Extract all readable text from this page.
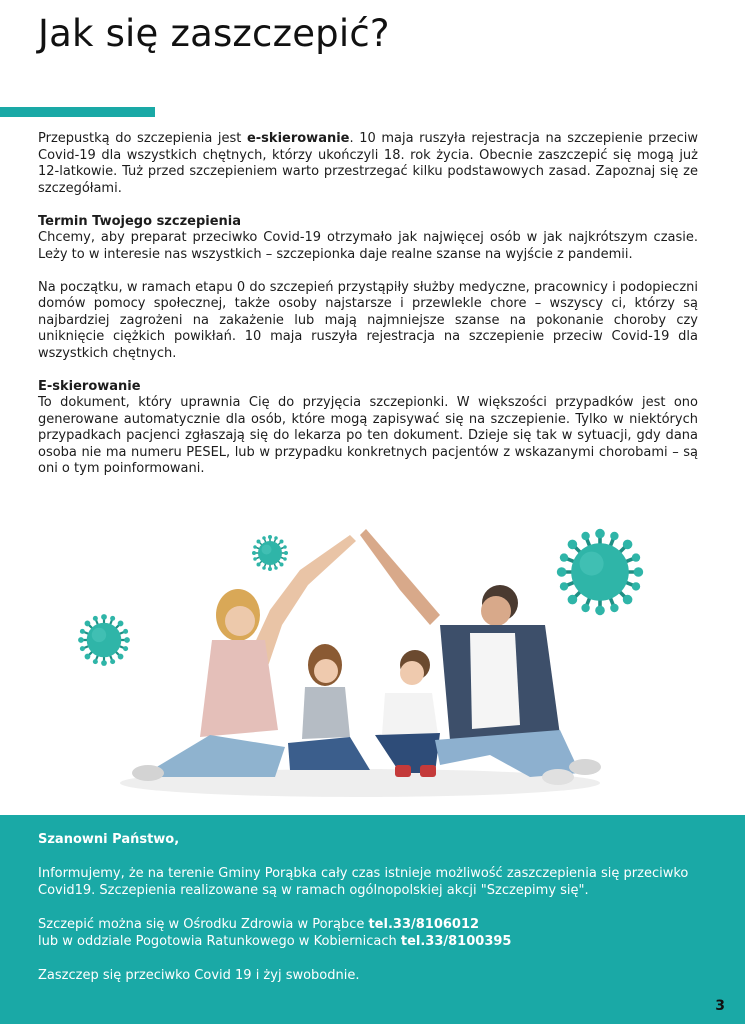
Jak się zaszczepić?

Przepustką do szczepienia jest e-skierowanie. 10 maja ruszyła rejestracja na szczepienie przeciw Covid-19 dla wszystkich chętnych, którzy ukończyli 18. rok życia. Obecnie zaszczepić się mogą już 12-latkowie. Tuż przed szczepieniem warto przestrzegać kilku podstawowych zasad. Zapoznaj się ze szczegółami.

Termin Twojego szczepienia
Chcemy, aby preparat przeciwko Covid-19 otrzymało jak najwięcej osób w jak najkrótszym czasie. Leży to w interesie nas wszystkich – szczepionka daje realne szanse na wyjście z pandemii.

Na początku, w ramach etapu 0 do szczepień przystąpiły służby medyczne, pracownicy i podopieczni domów pomocy społecznej, także osoby najstarsze i przewlekle chore – wszyscy ci, którzy są najbardziej zagrożeni na zakażenie lub mają najmniejsze szanse na pokonanie choroby czy uniknięcie ciężkich powikłań. 10 maja ruszyła rejestracja na szczepienie przeciw Covid-19 dla wszystkich chętnych.

E-skierowanie
To dokument, który uprawnia Cię do przyjęcia szczepionki. W większości przypadków jest ono generowane automatycznie dla osób, które mogą zapisywać się na szczepienie. Tylko w niektórych przypadkach pacjenci zgłaszają się do lekarza po ten dokument. Dzieje się tak w sytuacji, gdy dana osoba nie ma numeru PESEL, lub w przypadku konkretnych pacjentów z wskazanymi chorobami – są oni o tym poinformowani.

Szanowni Państwo,

Informujemy, że na terenie Gminy Porąbka cały czas istnieje możliwość zaszczepienia się przeciwko Covid19. Szczepienia realizowane są w ramach ogólnopolskiej akcji "Szczepimy się".

Szczepić można się w Ośrodku Zdrowia w Porąbce tel.33/8106012
lub w oddziale Pogotowia Ratunkowego w Kobiernicach tel.33/8100395

Zaszczep się przeciwko Covid 19 i żyj swobodnie.

3
